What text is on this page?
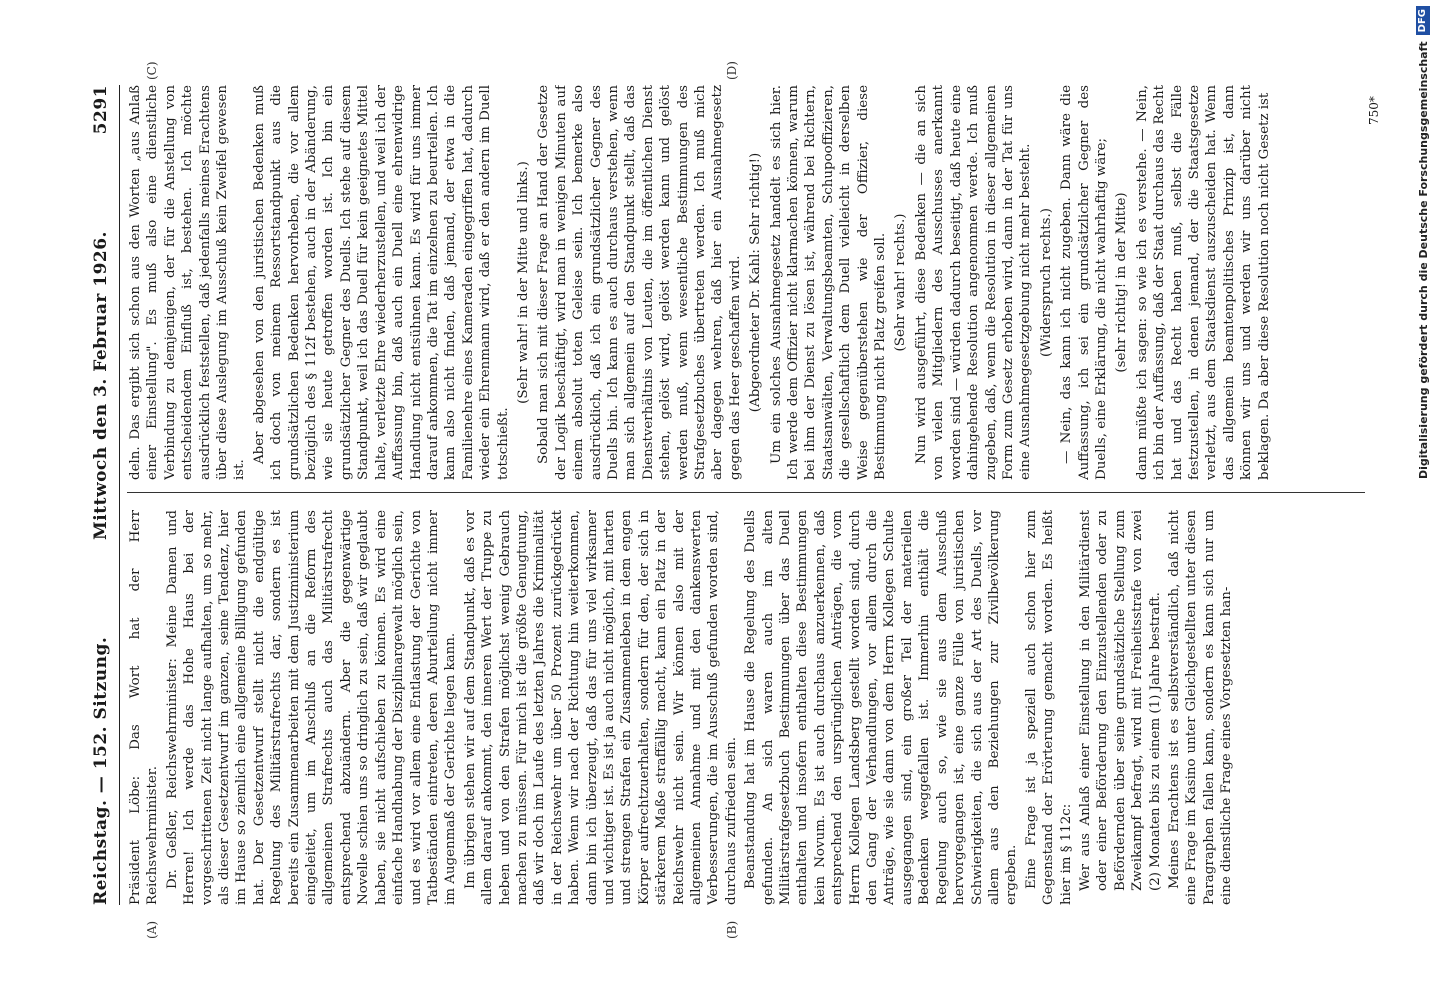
Reichstag. — 152. Sitzung.
Mittwoch den 3. Februar 1926.
5291
(A)	(B)
(C)	(D)

Präsident Löbe: Das Wort hat der Herr Reichswehrminister. Dr. Geßler, Reichswehrminister: Meine Damen und Herren! Ich werde das Hohe Haus bei der vorgeschrittenen Zeit nicht lange aufhalten, um so mehr, als dieser Gesetzentwurf im ganzen, seine Tendenz, hier im Hause so ziemlich eine allgemeine Billigung gefunden hat. Der Gesetzentwurf stellt nicht die endgültige Regelung des Militärstrafrechts dar, sondern es ist bereits ein Zusammenarbeiten mit dem Justizministerium eingeleitet, um im Anschluß an die Reform des allgemeinen Strafrechts auch das Militärstrafrecht entsprechend abzuändern. Aber die gegenwärtige Novelle schien uns so dringlich zu sein, daß wir geglaubt haben, sie nicht aufschieben zu können. Es wird eine einfache Handhabung der Disziplinargewalt möglich sein, und es wird vor allem eine Entlastung der Gerichte von Tatbeständen eintreten, deren Aburteilung nicht immer im Augenmaß der Gerichte liegen kann. Im übrigen stehen wir auf dem Standpunkt, daß es vor allem darauf ankommt, den inneren Wert der Truppe zu heben und von den Strafen möglichst wenig Gebrauch machen zu müssen. Für mich ist die größte Genugtuung, daß wir doch im Laufe des letzten Jahres die Kriminalität in der Reichswehr um über 50 Prozent zurückgedrückt haben. Wenn wir nach der Richtung hin weiterkommen, dann bin ich überzeugt, daß das für uns viel wirksamer und wichtiger ist. Es ist ja auch nicht möglich, mit harten und strengen Strafen ein Zusammenleben in dem engen Körper aufrechtzuerhalten, sondern für den, der sich in stärkerem Maße straffällig macht, kann ein Platz in der Reichswehr nicht sein. Wir können also mit der allgemeinen Annahme und mit den dankenswerten Verbesserungen, die im Ausschuß gefunden worden sind, durchaus zufrieden sein. Beanstandung hat im Hause die Regelung des Duells gefunden. An sich waren auch im alten Militärstrafgesetzbuch Bestimmungen über das Duell enthalten und insofern enthalten diese Bestimmungen kein Novum. Es ist auch durchaus anzuerkennen, daß entsprechend den ursprünglichen Anträgen, die vom Herrn Kollegen Landsberg gestellt worden sind, durch den Gang der Verhandlungen, vor allem durch die Anträge, wie sie dann von dem Herrn Kollegen Schulte ausgegangen sind, ein großer Teil der materiellen Bedenken weggefallen ist. Immerhin enthält die Regelung auch so, wie sie aus dem Ausschuß hervorgegangen ist, eine ganze Fülle von juristischen Schwierigkeiten, die sich aus der Art des Duells, vor allem aus den Beziehungen zur Zivilbevölkerung ergeben. Eine Frage ist ja speziell auch schon hier zum Gegenstand der Erörterung gemacht worden. Es heißt hier im § 112c: Wer aus Anlaß einer Einstellung in den Militärdienst oder einer Beförderung den Einzustellenden oder zu Befördernden über seine grundsätzliche Stellung zum Zweikampf befragt, wird mit Freiheitsstrafe von zwei (2) Monaten bis zu einem (1) Jahre bestraft. Meines Erachtens ist es selbstverständlich, daß nicht eine Frage im Kasino unter Gleichgestellten unter diesen Paragraphen fallen kann, sondern es kann sich nur um eine dienstliche Frage eines Vorgesetzten han-

deln. Das ergibt sich schon aus den Worten „aus Anlaß einer Einstellung". Es muß also eine dienstliche Verbindung zu demjenigen, der für die Anstellung von entscheidendem Einfluß ist, bestehen. Ich möchte ausdrücklich feststellen, daß jedenfalls meines Erachtens über diese Auslegung im Ausschuß kein Zweifel gewesen ist.

Aber abgesehen von den juristischen Bedenken muß ich doch von meinem Ressortstandpunkt aus die grundsätzlichen Bedenken hervorheben, die vor allem bezüglich des § 112f bestehen, auch in der Abänderung, wie sie heute getroffen worden ist. Ich bin ein grundsätzlicher Gegner des Duells. Ich stehe auf diesem Standpunkt, weil ich das Duell für kein geeignetes Mittel halte, verletzte Ehre wiederherzustellen, und weil ich der Auffassung bin, daß auch ein Duell eine ehrenwidrige Handlung nicht entsühnen kann. Es wird für uns immer darauf ankommen, die Tat im einzelnen zu beurteilen. Ich kann also nicht finden, daß jemand, der etwa in die Familienehre eines Kameraden eingegriffen hat, dadurch wieder ein Ehrenmann wird, daß er den andern im Duell totschießt.

(Sehr wahr! in der Mitte und links.) Sobald man sich mit dieser Frage an Hand der Gesetze der Logik beschäftigt, wird man in wenigen Minuten auf einem absolut toten Geleise sein. Ich bemerke also ausdrücklich, daß ich ein grundsätzlicher Gegner des Duells bin. Ich kann es auch durchaus verstehen, wenn man sich allgemein auf den Standpunkt stellt, daß das Dienstverhältnis von Leuten, die im öffentlichen Dienst stehen, gelöst wird, gelöst werden kann und gelöst werden muß, wenn wesentliche Bestimmungen des Strafgesetzbuches übertreten werden. Ich muß mich aber dagegen wehren, daß hier ein Ausnahmegesetz gegen das Heer geschaffen wird. (Abgeordneter Dr. Kahl: Sehr richtig!) Um ein solches Ausnahmegesetz handelt es sich hier. Ich werde dem Offizier nicht klarmachen können, warum bei ihm der Dienst zu lösen ist, während bei Richtern, Staatsanwälten, Verwaltungsbeamten, Schupooffizieren, die gesellschaftlich dem Duell vielleicht in derselben Weise gegenüberstehen wie der Offizier, diese Bestimmung nicht Platz greifen soll. (Sehr wahr! rechts.) Nun wird ausgeführt, diese Bedenken — die an sich von vielen Mitgliedern des Ausschusses anerkannt worden sind — würden dadurch beseitigt, daß heute eine dahingehende Resolution angenommen werde. Ich muß zugeben, daß, wenn die Resolution in dieser allgemeinen Form zum Gesetz erhoben wird, dann in der Tat für uns eine Ausnahmegesetzgebung nicht mehr besteht. (Widerspruch rechts.) — Nein, das kann ich nicht zugeben. Dann wäre die Auffassung, ich sei ein grundsätzlicher Gegner des Duells, eine Erklärung, die nicht wahrhaftig wäre; (sehr richtig! in der Mitte) dann müßte ich sagen: so wie ich es verstehe. — Nein, ich bin der Auffassung, daß der Staat durchaus das Recht hat und das Recht haben muß, selbst die Fälle festzustellen, in denen jemand, der die Staatsgesetze verletzt, aus dem Staatsdienst auszuscheiden hat. Wenn das allgemein beamtenpolitisches Prinzip ist, dann können wir uns und werden wir uns darüber nicht beklagen. Da aber diese Resolution noch nicht Gesetz ist	750*	Digitalisierung gefördert durch die Deutsche Forschungsgemeinschaft
DFG
